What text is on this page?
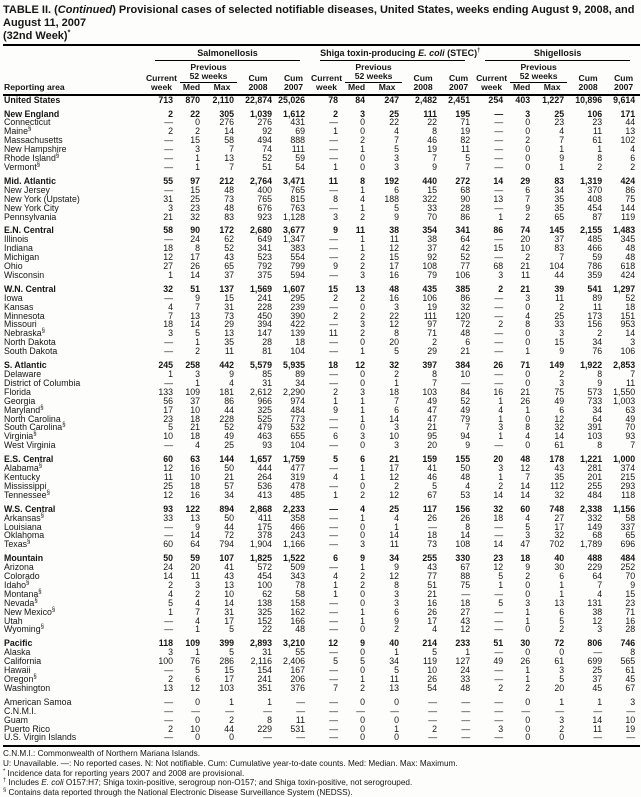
TABLE II. (Continued) Provisional cases of selected notifiable diseases, United States, weeks ending August 9, 2008, and August 11, 2007
(32nd Week)*

	Salmonellosis					Shiga toxin-producing E. coli (STEC)†					Shigellosis				

		Previous					Previous					Previous			
	Current	52 weeks		Cum	Cum	Current	52 weeks		Cum	Cum	Current	52 weeks		Cum	Cum
Reporting area	week	Med	Max	2008	2007	week	Med	Max	2008	2007	week	Med	Max	2008	2007
United States	713	870	2,110	22,874	25,026	78	84	247	2,482	2,451	254	403	1,227	10,896	9,614
New England	2	22	305	1,039	1,612	2	3	25	111	195	—	3	25	106	171
Connecticut	—	0	276	276	431	—	0	22	22	71	—	0	23	23	44
Maine§	2	2	14	92	69	1	0	4	8	19	—	0	4	11	13
Massachusetts	—	15	58	494	888	—	2	7	46	82	—	2	7	61	102
New Hampshire	—	3	7	74	111	—	1	5	19	11	—	0	1	1	4
Rhode Island§	—	1	13	52	59	—	0	3	7	5	—	0	9	8	6
Vermont§	—	1	7	51	54	1	0	3	9	7	—	0	1	2	2
Mid. Atlantic	55	97	212	2,764	3,471	11	8	192	440	272	14	29	83	1,319	424
New Jersey	—	15	48	400	765	—	1	6	15	68	—	6	34	370	86
New York (Upstate)	31	25	73	765	815	8	4	188	322	90	13	7	35	408	75
New York City	3	23	48	676	763	—	1	5	33	28	—	9	35	454	144
Pennsylvania	21	32	83	923	1,128	3	2	9	70	86	1	2	65	87	119
E.N. Central	58	90	172	2,680	3,677	9	11	38	354	341	86	74	145	2,155	1,483
Illinois	—	24	62	649	1,347	—	1	11	38	64	—	20	37	485	345
Indiana	18	8	52	341	383	—	1	12	37	42	15	10	83	466	48
Michigan	12	17	43	523	554	—	2	15	92	52	—	2	7	59	48
Ohio	27	26	65	792	799	9	2	17	108	77	68	21	104	786	618
Wisconsin	1	14	37	375	594	—	3	16	79	106	3	11	44	359	424
W.N. Central	32	51	137	1,569	1,607	15	13	48	435	385	2	21	39	541	1,297
Iowa	—	9	15	241	295	2	2	16	106	86	—	3	11	89	52
Kansas	4	7	31	228	239	—	0	3	19	32	—	0	2	11	18
Minnesota	7	13	73	450	390	2	2	22	111	120	—	4	25	173	151
Missouri	18	14	29	394	422	—	3	12	97	72	2	8	33	156	953
Nebraska§	3	5	13	147	139	11	2	8	71	48	—	0	3	2	14
North Dakota	—	1	35	28	18	—	0	20	2	6	—	0	15	34	3
South Dakota	—	2	11	81	104	—	1	5	29	21	—	1	9	76	106
S. Atlantic	245	258	442	5,579	5,935	18	12	32	397	384	26	71	149	1,922	2,853
Delaware	1	3	9	85	89	—	0	2	8	10	—	0	2	8	7
District of Columbia	—	1	4	31	34	—	0	1	7	—	—	0	3	9	11
Florida	133	109	181	2,612	2,290	2	3	18	103	84	16	21	75	573	1,550
Georgia	56	37	86	966	974	1	1	7	49	52	1	26	49	733	1,003
Maryland§	17	10	44	325	484	9	1	6	47	49	4	1	6	34	63
North Carolina	23	18	228	525	773	—	1	14	47	79	1	0	12	64	49
South Carolina§	5	21	52	479	532	—	0	3	21	7	3	8	32	391	70
Virginia§	10	18	49	463	655	6	3	10	95	94	1	4	14	103	93
West Virginia	—	4	25	93	104	—	0	3	20	9	—	0	61	8	7
E.S. Central	60	63	144	1,657	1,759	5	6	21	159	155	20	48	178	1,221	1,000
Alabama§	12	16	50	444	477	—	1	17	41	50	3	12	43	281	374
Kentucky	11	10	21	264	319	4	1	12	46	48	1	7	35	201	215
Mississippi	25	18	57	536	478	—	0	2	5	4	2	14	112	255	293
Tennessee§	12	16	34	413	485	1	2	12	67	53	14	14	32	484	118
W.S. Central	93	122	894	2,868	2,233	—	4	25	117	156	32	60	748	2,338	1,156
Arkansas§	33	13	50	411	358	—	1	4	26	26	18	4	27	332	58
Louisiana	—	9	44	175	466	—	0	1	—	8	—	5	17	149	337
Oklahoma	—	14	72	378	243	—	0	14	18	14	—	3	32	68	65
Texas§	60	64	794	1,904	1,166	—	3	11	73	108	14	47	702	1,789	696
Mountain	50	59	107	1,825	1,522	6	9	34	255	330	23	18	40	488	484
Arizona	24	20	41	572	509	—	1	9	43	67	12	9	30	229	252
Colorado	14	11	43	454	343	4	2	12	77	88	5	2	6	64	70
Idaho§	2	3	13	100	78	1	2	8	51	75	1	0	1	7	9
Montana§	4	2	10	62	58	1	0	3	21	—	—	0	1	4	15
Nevada§	5	4	14	138	158	—	0	3	16	18	5	3	13	131	23
New Mexico§	1	7	31	325	162	—	1	6	26	27	—	1	6	38	71
Utah	—	4	17	152	166	—	1	9	17	43	—	1	5	12	16
Wyoming§	—	1	5	22	48	—	0	2	4	12	—	0	2	3	28
Pacific	118	109	399	2,893	3,210	12	9	40	214	233	51	30	72	806	746
Alaska	3	1	5	31	55	—	0	1	5	1	—	0	0	—	8
California	100	76	286	2,116	2,406	5	5	34	119	127	49	26	61	699	565
Hawaii	—	5	15	154	167	—	0	5	10	24	—	1	3	25	61
Oregon§	2	6	17	241	206	—	1	11	26	33	—	1	5	37	45
Washington	13	12	103	351	376	7	2	13	54	48	2	2	20	45	67
American Samoa	—	0	1	1	—	—	0	0	—	—	—	0	1	1	3
C.N.M.I.	—	—	—	—	—	—	—	—	—	—	—	—	—	—	—
Guam	—	0	2	8	11	—	0	0	—	—	—	0	3	14	10
Puerto Rico	2	10	44	229	531	—	0	1	2	—	3	0	2	11	19
U.S. Virgin Islands	—	0	0	—	—	—	0	0	—	—	—	0	0	—	—
C.N.M.I.: Commonwealth of Northern Mariana Islands.
U: Unavailable. —: No reported cases. N: Not notifiable. Cum: Cumulative year-to-date counts. Med: Median. Max: Maximum.
* Incidence data for reporting years 2007 and 2008 are provisional.
† Includes E. coli O157:H7; Shiga toxin-positive, serogroup non-O157; and Shiga toxin-positive, not serogrouped.
§ Contains data reported through the National Electronic Disease Surveillance System (NEDSS).
